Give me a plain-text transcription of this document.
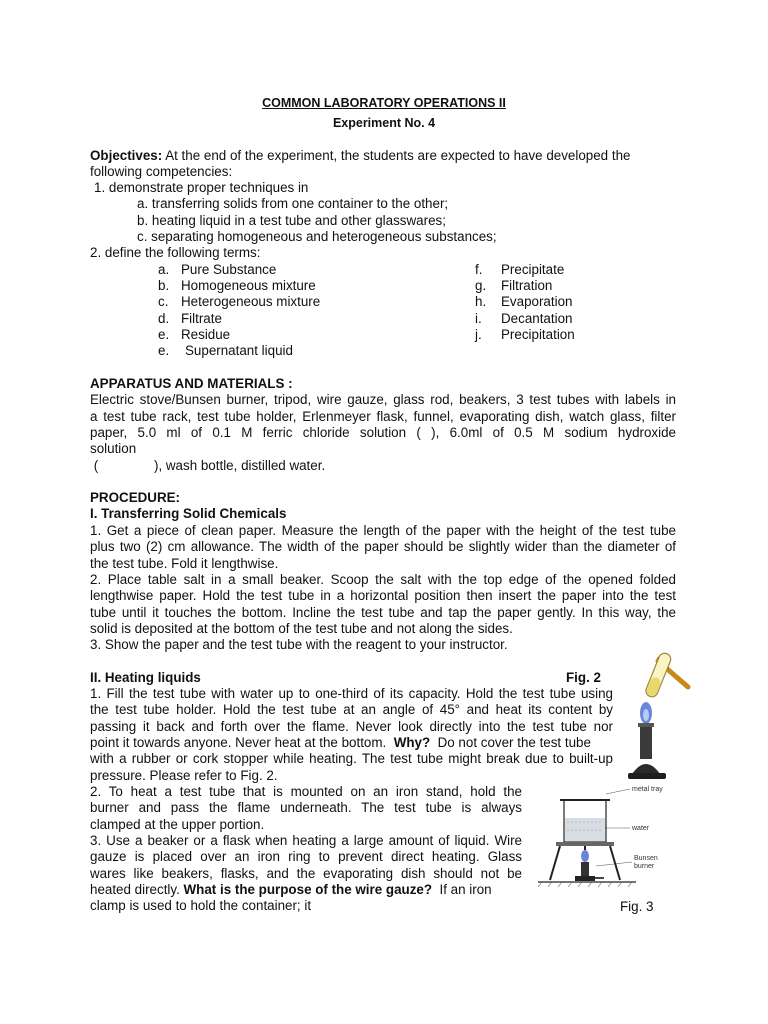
COMMON LABORATORY OPERATIONS II
Experiment No. 4
Objectives: At the end of the experiment, the students are expected to have developed the
following competencies:
1. demonstrate proper techniques in
a. transferring solids from one container to the other;
b. heating liquid in a test tube and other glasswares;
c. separating homogeneous and heterogeneous substances;
2. define the following terms:
a. Pure Substance
b. Homogeneous mixture
c. Heterogeneous mixture
d. Filtrate
e. Residue
e. Supernatant liquid
f. Precipitate
g. Filtration
h. Evaporation
i. Decantation
j. Precipitation
APPARATUS AND MATERIALS :
Electric stove/Bunsen burner, tripod, wire gauze, glass rod, beakers, 3 test tubes with labels in
a test tube rack, test tube holder, Erlenmeyer flask, funnel, evaporating dish, watch glass, filter
paper, 5.0 ml of 0.1 M ferric chloride solution ( ), 6.0ml of 0.5 M sodium hydroxide
solution
(               ), wash bottle, distilled water.
PROCEDURE:
I. Transferring Solid Chemicals
1. Get a piece of clean paper. Measure the length of the paper with the height of the test tube
plus two (2) cm allowance. The width of the paper should be slightly wider than the diameter of
the test tube. Fold it lengthwise.
2. Place table salt in a small beaker. Scoop the salt with the top edge of the opened folded
lengthwise paper. Hold the test tube in a horizontal position then insert the paper into the test
tube until it touches the bottom. Incline the test tube and tap the paper gently. In this way, the
solid is deposited at the bottom of the test tube and not along the sides.
3. Show the paper and the test tube with the reagent to your instructor.
II. Heating liquids	Fig. 2
1. Fill the test tube with water up to one-third of its capacity. Hold the test tube using
the test tube holder. Hold the test tube at an angle of 45° and heat its content by
passing it back and forth over the flame. Never look directly into the test tube nor
point it towards anyone. Never heat at the bottom.  Why?  Do not cover the test tube
with a rubber or cork stopper while heating. The test tube might break due to built-up
pressure. Please refer to Fig. 2.
2. To heat a test tube that is mounted on an iron stand, hold the
burner and pass the flame underneath. The test tube is always
clamped at the upper portion.
3. Use a beaker or a flask when heating a large amount of liquid. Wire
gauze is placed over an iron ring to prevent direct heating. Glass
wares like beakers, flasks, and the evaporating dish should not be
heated directly. What is the purpose of the wire gauze?  If an iron
clamp is used to hold the container; it	Fig. 3
metal tray
water
Bunsen
burner
